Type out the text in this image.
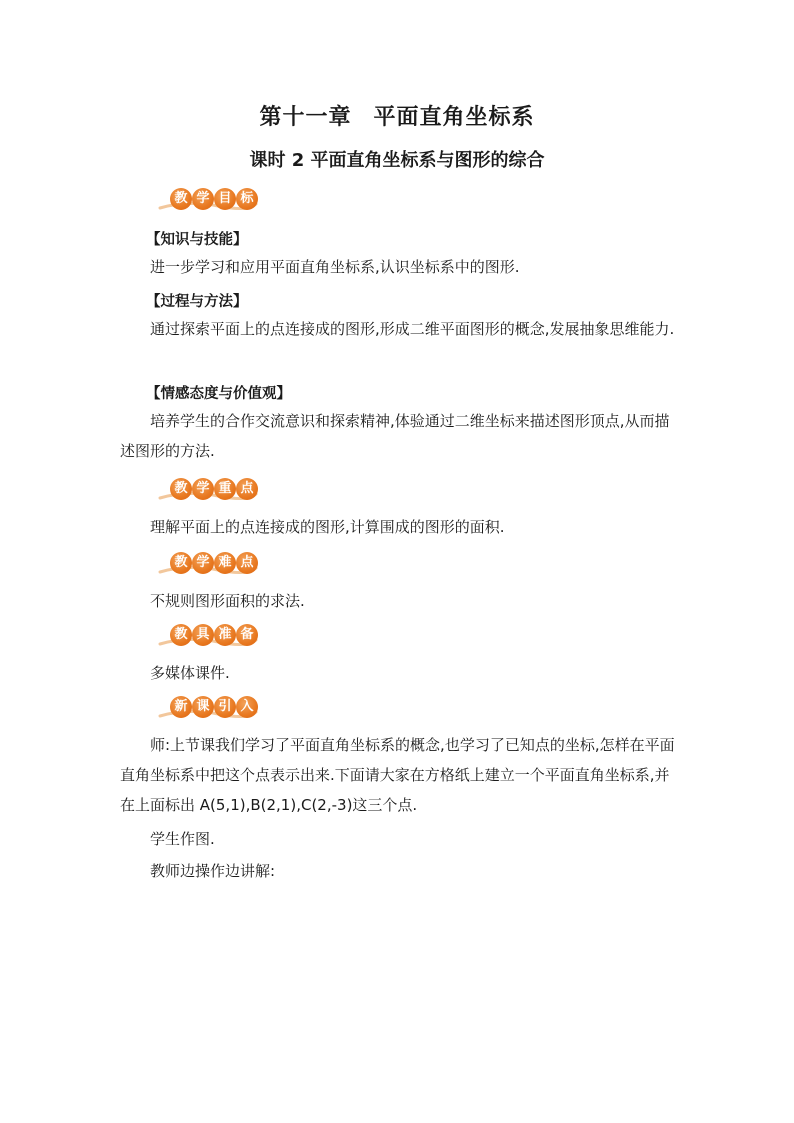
第十一章 平面直角坐标系
课时 2 平面直角坐标系与图形的综合
教 学 目 标
【知识与技能】
进一步学习和应用平面直角坐标系,认识坐标系中的图形.
【过程与方法】
通过探索平面上的点连接成的图形,形成二维平面图形的概念,发展抽象思维能力.
【情感态度与价值观】
培养学生的合作交流意识和探索精神,体验通过二维坐标来描述图形顶点,从而描述图形的方法.
教 学 重 点
理解平面上的点连接成的图形,计算围成的图形的面积.
教 学 难 点
不规则图形面积的求法.
教 具 准 备
多媒体课件.
新 课 引 入
师:上节课我们学习了平面直角坐标系的概念,也学习了已知点的坐标,怎样在平面直角坐标系中把这个点表示出来.下面请大家在方格纸上建立一个平面直角坐标系,并在上面标出 A(5,1),B(2,1),C(2,-3)这三个点.
学生作图.
教师边操作边讲解:
